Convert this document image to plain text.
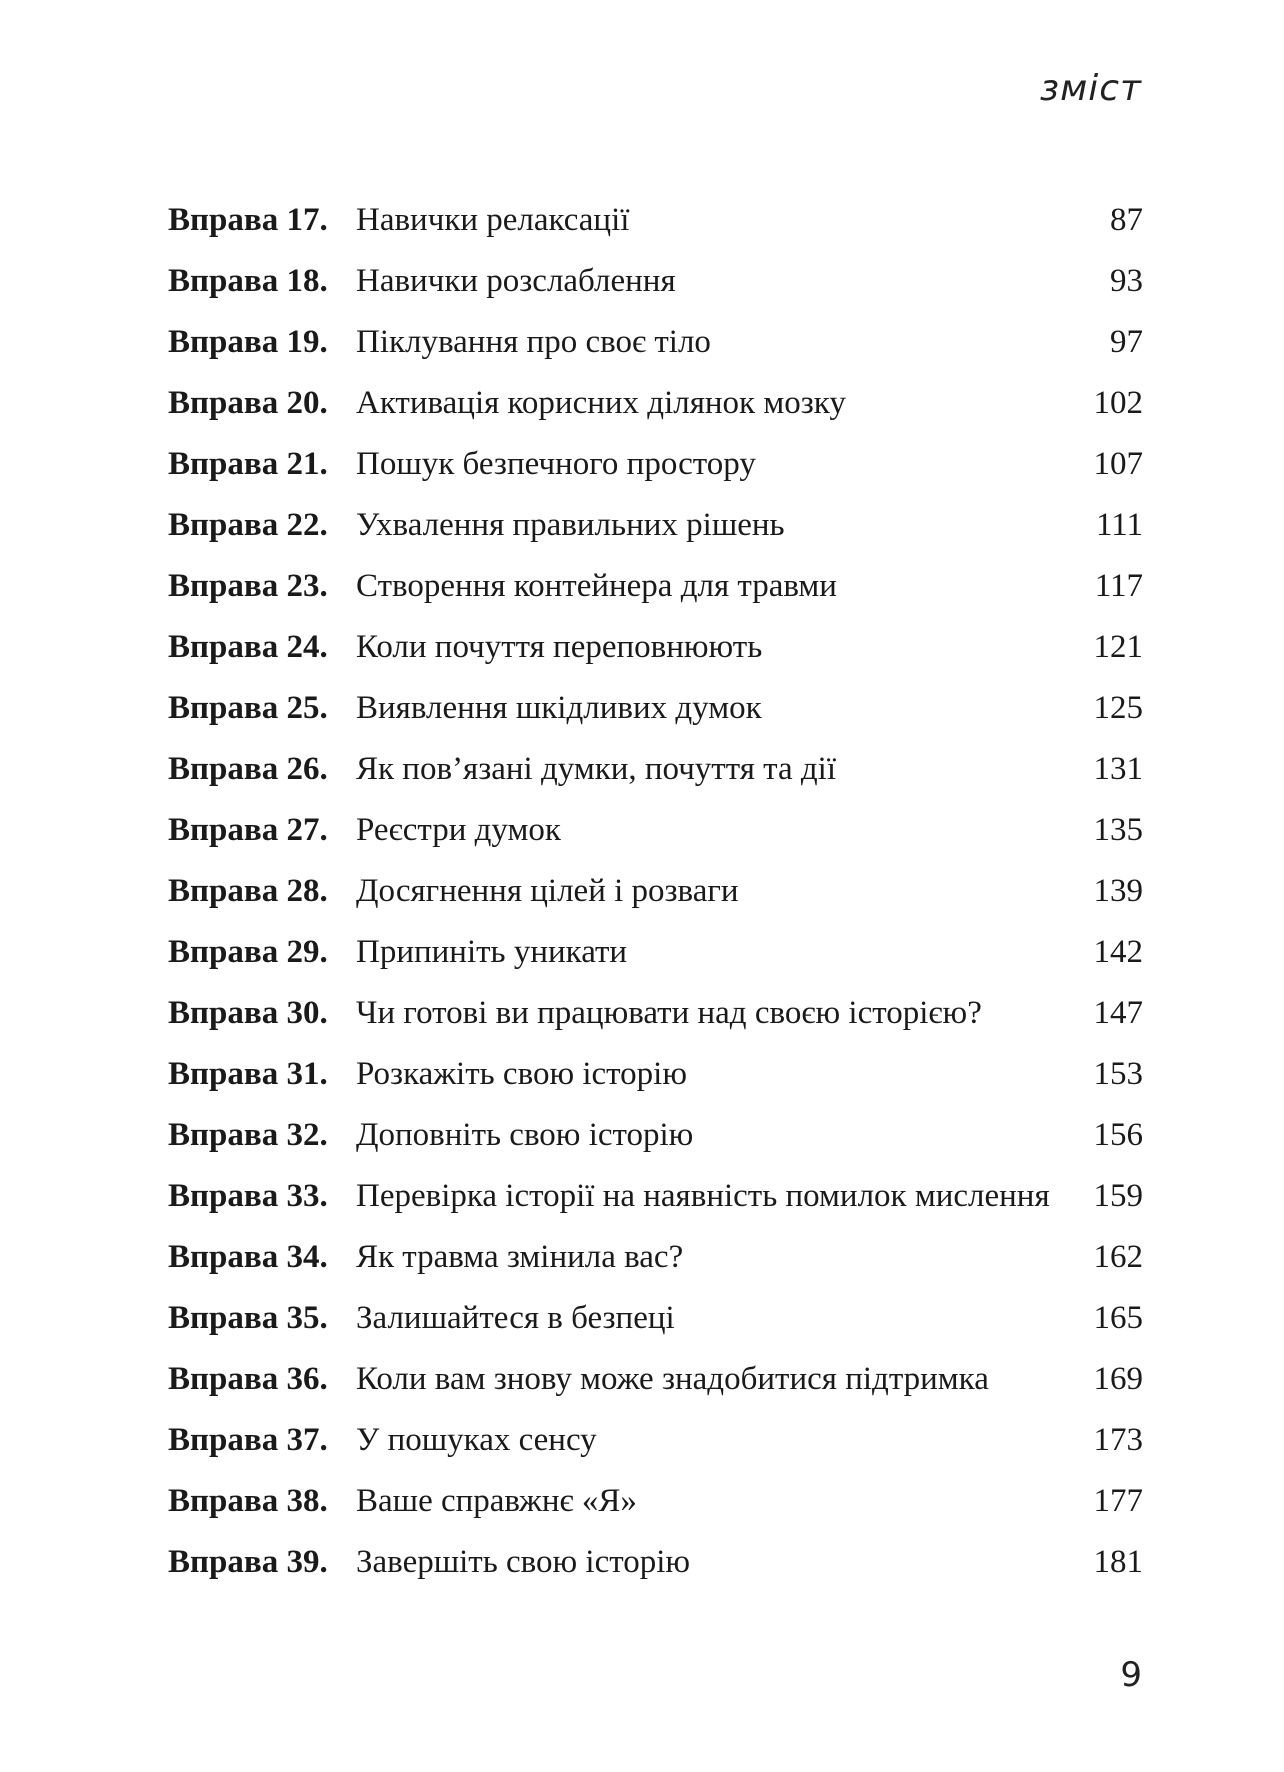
зміст
Вправа 17. Навички релаксації	87
Вправа 18. Навички розслаблення	93
Вправа 19. Піклування про своє тіло	97
Вправа 20. Активація корисних ділянок мозку	102
Вправа 21. Пошук безпечного простору	107
Вправа 22. Ухвалення правильних рішень	111
Вправа 23. Створення контейнера для травми	117
Вправа 24. Коли почуття переповнюють	121
Вправа 25. Виявлення шкідливих думок	125
Вправа 26. Як пов’язані думки, почуття та дії	131
Вправа 27. Реєстри думок	135
Вправа 28. Досягнення цілей і розваги	139
Вправа 29. Припиніть уникати	142
Вправа 30. Чи готові ви працювати над своєю історією?	147
Вправа 31. Розкажіть свою історію	153
Вправа 32. Доповніть свою історію	156
Вправа 33. Перевірка історії на наявність помилок мислення	159
Вправа 34. Як травма змінила вас?	162
Вправа 35. Залишайтеся в безпеці	165
Вправа 36. Коли вам знову може знадобитися підтримка	169
Вправа 37. У пошуках сенсу	173
Вправа 38. Ваше справжнє «Я»	177
Вправа 39. Завершіть свою історію	181
9
